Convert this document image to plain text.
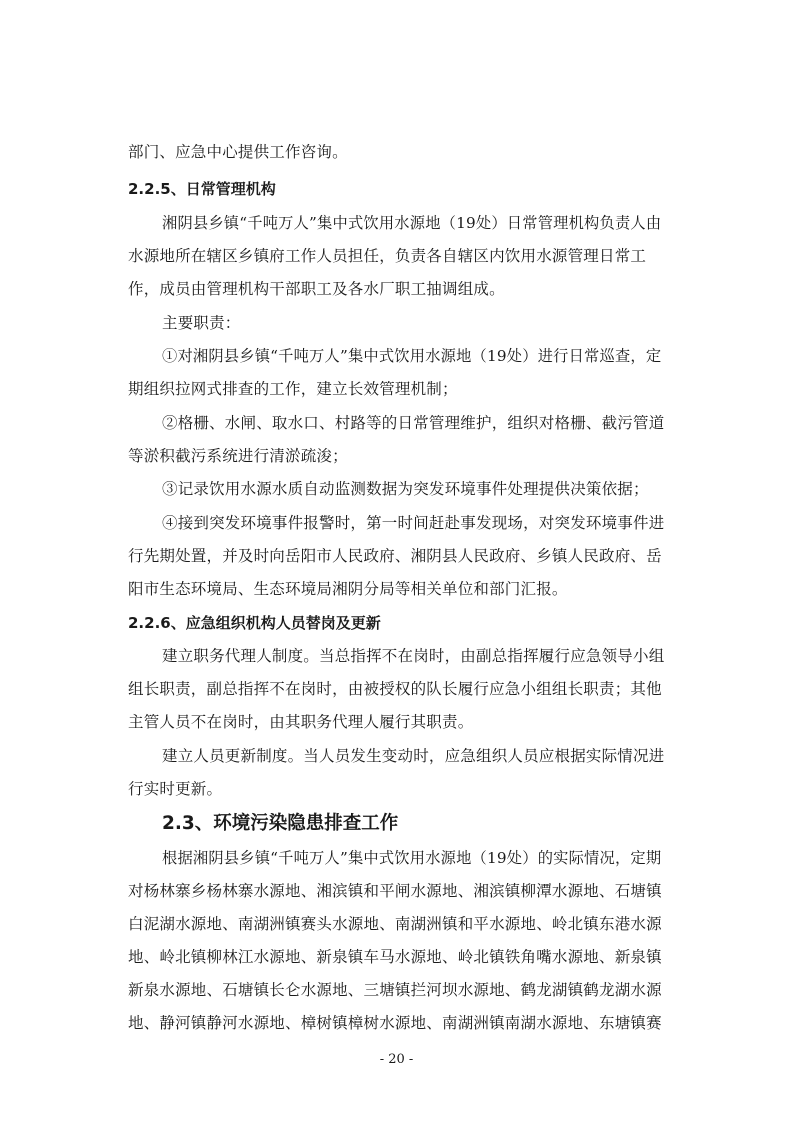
部门、应急中心提供工作咨询。
2.2.5、日常管理机构
湘阴县乡镇“千吨万人”集中式饮用水源地（19处）日常管理机构负责人由
水源地所在辖区乡镇府工作人员担任，负责各自辖区内饮用水源管理日常工
作，成员由管理机构干部职工及各水厂职工抽调组成。
主要职责：
①对湘阴县乡镇“千吨万人”集中式饮用水源地（19处）进行日常巡查，定
期组织拉网式排查的工作，建立长效管理机制；
②格栅、水闸、取水口、村路等的日常管理维护，组织对格栅、截污管道
等淤积截污系统进行清淤疏浚；
③记录饮用水源水质自动监测数据为突发环境事件处理提供决策依据；
④接到突发环境事件报警时，第一时间赶赴事发现场，对突发环境事件进
行先期处置，并及时向岳阳市人民政府、湘阴县人民政府、乡镇人民政府、岳
阳市生态环境局、生态环境局湘阴分局等相关单位和部门汇报。
2.2.6、应急组织机构人员替岗及更新
建立职务代理人制度。当总指挥不在岗时，由副总指挥履行应急领导小组
组长职责，副总指挥不在岗时，由被授权的队长履行应急小组组长职责；其他
主管人员不在岗时，由其职务代理人履行其职责。
建立人员更新制度。当人员发生变动时，应急组织人员应根据实际情况进
行实时更新。
2.3、环境污染隐患排查工作
根据湘阴县乡镇“千吨万人”集中式饮用水源地（19处）的实际情况，定期
对杨林寨乡杨林寨水源地、湘滨镇和平闸水源地、湘滨镇柳潭水源地、石塘镇
白泥湖水源地、南湖洲镇赛头水源地、南湖洲镇和平水源地、岭北镇东港水源
地、岭北镇柳林江水源地、新泉镇车马水源地、岭北镇铁角嘴水源地、新泉镇
新泉水源地、石塘镇长仑水源地、三塘镇拦河坝水源地、鹤龙湖镇鹤龙湖水源
地、静河镇静河水源地、樟树镇樟树水源地、南湖洲镇南湖水源地、东塘镇赛
- 20 -
